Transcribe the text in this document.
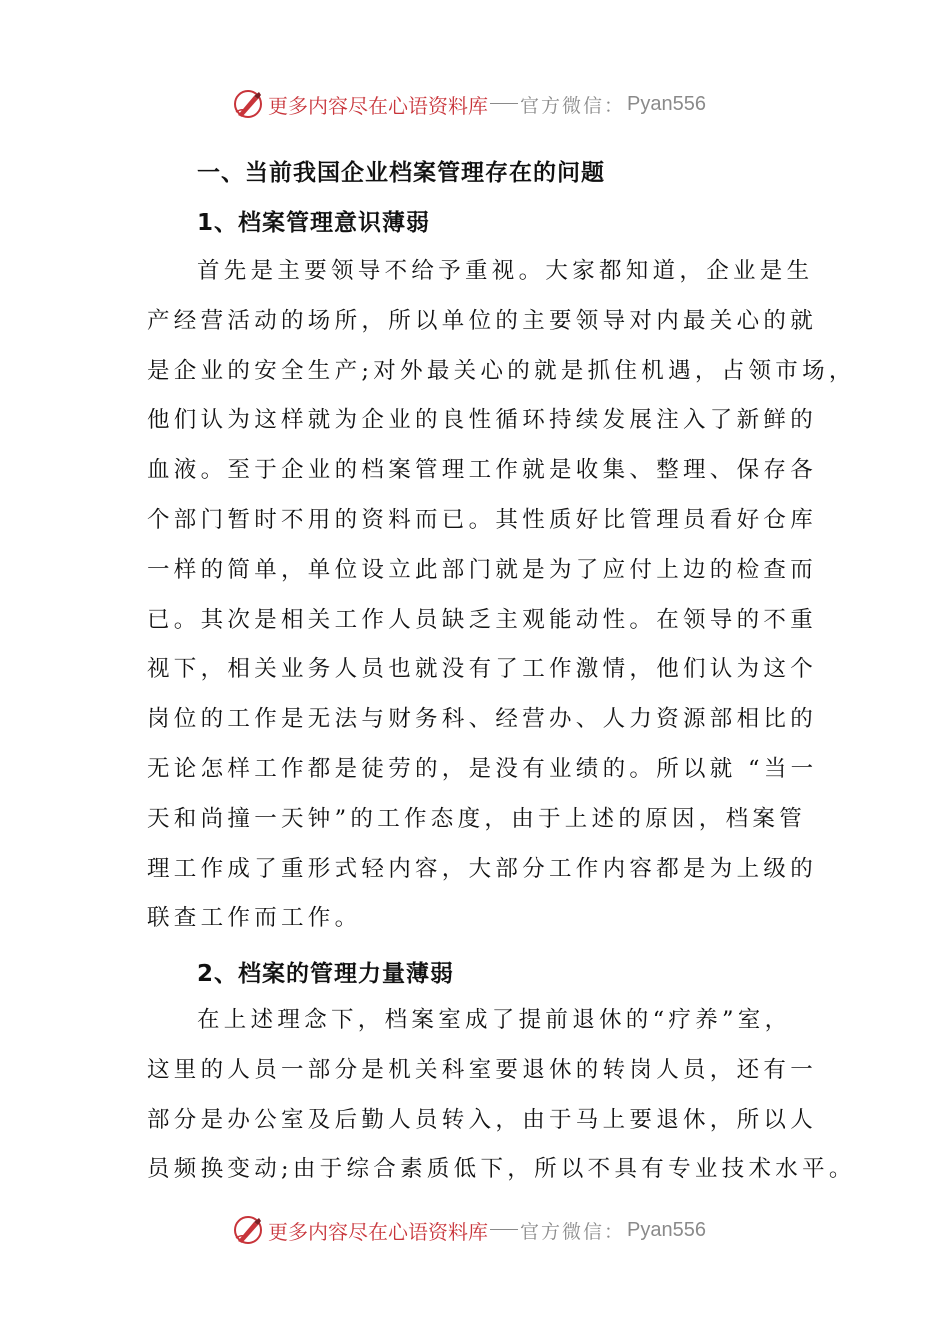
更多内容尽在心语资料库 官方微信： Pyan556
一、当前我国企业档案管理存在的问题
1、档案管理意识薄弱
首先是主要领导不给予重视。大家都知道，企业是生
产经营活动的场所，所以单位的主要领导对内最关心的就
是企业的安全生产;对外最关心的就是抓住机遇，占领市场，
他们认为这样就为企业的良性循环持续发展注入了新鲜的
血液。至于企业的档案管理工作就是收集、整理、保存各
个部门暂时不用的资料而已。其性质好比管理员看好仓库
一样的简单，单位设立此部门就是为了应付上边的检查而
已。其次是相关工作人员缺乏主观能动性。在领导的不重
视下，相关业务人员也就没有了工作激情，他们认为这个
岗位的工作是无法与财务科、经营办、人力资源部相比的
无论怎样工作都是徒劳的，是没有业绩的。所以就 “当一
天和尚撞一天钟”的工作态度，由于上述的原因，档案管
理工作成了重形式轻内容，大部分工作内容都是为上级的
联查工作而工作。
2、档案的管理力量薄弱
在上述理念下，档案室成了提前退休的“疗养”室，
这里的人员一部分是机关科室要退休的转岗人员，还有一
部分是办公室及后勤人员转入，由于马上要退休，所以人
员频换变动;由于综合素质低下，所以不具有专业技术水平。
更多内容尽在心语资料库 官方微信： Pyan556
